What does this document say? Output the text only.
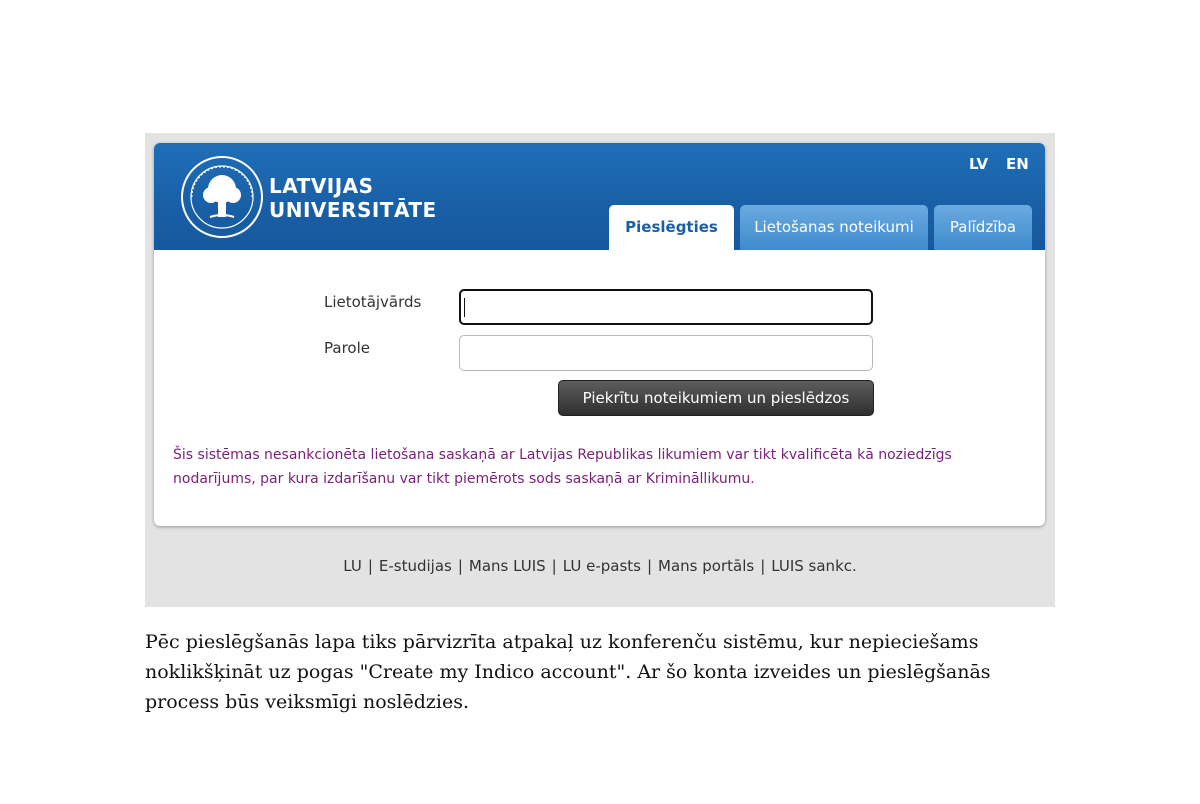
LATVIJAS
UNIVERSITĀTE
LV EN
Pieslēgties	Lietošanas noteikumi	Palīdzība
Lietotājvārds
Parole
Piekrītu noteikumiem un pieslēdzos
Šis sistēmas nesankcionēta lietošana saskaņā ar Latvijas Republikas likumiem var tikt kvalificēta kā noziedzīgs nodarījums, par kura izdarīšanu var tikt piemērots sods saskaņā ar Krimināllikumu.
LU | E-studijas | Mans LUIS | LU e-pasts | Mans portāls | LUIS sankc.
Pēc pieslēgšanās lapa tiks pārvizrīta atpakaļ uz konferenču sistēmu, kur nepieciešams noklikšķināt uz pogas "Create my Indico account". Ar šo konta izveides un pieslēgšanās process būs veiksmīgi noslēdzies.
